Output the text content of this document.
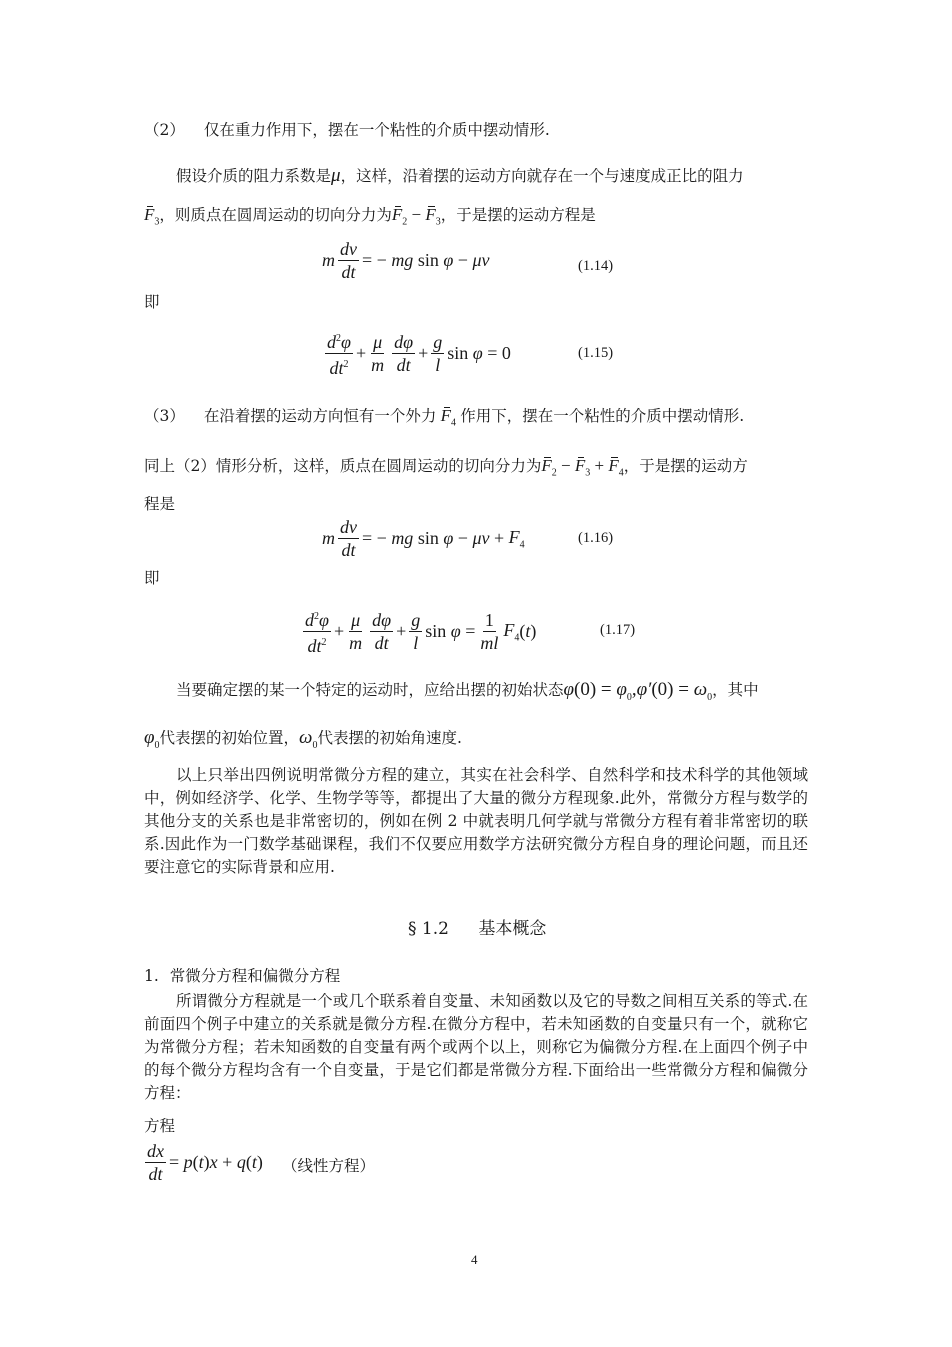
（2） 仅在重力作用下，摆在一个粘性的介质中摆动情形.
假设介质的阻力系数是μ，这样，沿着摆的运动方向就存在一个与速度成正比的阻力
$F_3$，则质点在圆周运动的切向分力为$F_2 - F_3$，于是摆的运动方程是
m $\frac{dv}{dt}$ = − mg sin φ − μv	(1.14)
即
$\frac{d^2\varphi}{dt^2} + \frac{\mu}{m} \frac{d\varphi}{dt} + \frac{g}{l}$ sin φ = 0	(1.15)
（3） 在沿着摆的运动方向恒有一个外力 $F_4$ 作用下，摆在一个粘性的介质中摆动情形.
同上（2）情形分析，这样，质点在圆周运动的切向分力为$F_2 - F_3 + F_4$，于是摆的运动方
程是
m $\frac{dv}{dt}$ = − mg $\sin \varphi - \mu v + F_4$	(1.16)
即
$\frac{d^2\varphi}{dt^2} + \frac{\mu}{m} \frac{d\varphi}{dt} + \frac{g}{l}$ $\sin \varphi = \frac{1}{ml} F_4$ ( t )	(1.17)
当要确定摆的某一个特定的运动时，应给出摆的初始状态$\varphi(0) = \varphi_0,\varphi'(0) = \omega_0$，其中
$\varphi_0$代表摆的初始位置，$\omega_0$代表摆的初始角速度.
以上只举出四例说明常微分方程的建立，其实在社会科学、自然科学和技术科学的其他领域中，例如经济学、化学、生物学等等，都提出了大量的微分方程现象.此外，常微分方程与数学的其他分支的关系也是非常密切的，例如在例 2 中就表明几何学就与常微分方程有着非常密切的联系.因此作为一门数学基础课程，我们不仅要应用数学方法研究微分方程自身的理论问题，而且还要注意它的实际背景和应用.
§ 1.2 基本概念
1. 常微分方程和偏微分方程
所谓微分方程就是一个或几个联系着自变量、未知函数以及它的导数之间相互关系的等式.在前面四个例子中建立的关系就是微分方程.在微分方程中，若未知函数的自变量只有一个，就称它为常微分方程；若未知函数的自变量有两个或两个以上，则称它为偏微分方程.在上面四个例子中的每个微分方程均含有一个自变量，于是它们都是常微分方程.下面给出一些常微分方程和偏微分方程：
方程
$\frac{dx}{dt} = p$ ( t ) x + q ( t ) （线性方程）
4
